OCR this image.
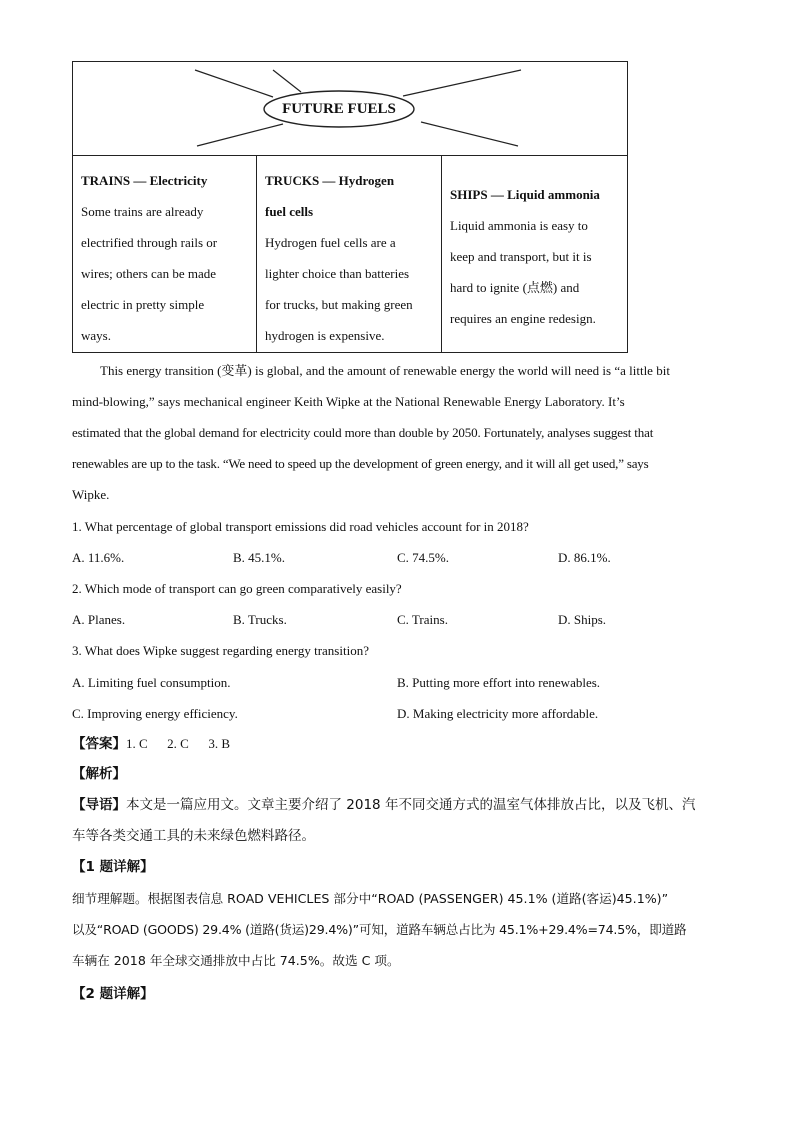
FUTURE FUELS
TRAINS — Electricity
Some trains are already
electrified through rails or
wires; others can be made
electric in pretty simple
ways.
TRUCKS — Hydrogen
fuel cells
Hydrogen fuel cells are a
lighter choice than batteries
for trucks, but making green
hydrogen is expensive.
SHIPS — Liquid ammonia
Liquid ammonia is easy to
keep and transport, but it is
hard to ignite (点燃) and
requires an engine redesign.
This energy transition (变革) is global, and the amount of renewable energy the world will need is “a little bit
mind-blowing,” says mechanical engineer Keith Wipke at the National Renewable Energy Laboratory. It’s
estimated that the global demand for electricity could more than double by 2050. Fortunately, analyses suggest that
renewables are up to the task. “We need to speed up the development of green energy, and it will all get used,” says
Wipke.
1. What percentage of global transport emissions did road vehicles account for in 2018?
A. 11.6%.	B. 45.1%.	C. 74.5%.	D. 86.1%.
2. Which mode of transport can go green comparatively easily?
A. Planes.	B. Trucks.	C. Trains.	D. Ships.
3. What does Wipke suggest regarding energy transition?
A. Limiting fuel consumption.	B. Putting more effort into renewables.
C. Improving energy efficiency.	D. Making electricity more affordable.
【答案】1. C      2. C      3. B
【解析】
【导语】本文是一篇应用文。文章主要介绍了 2018 年不同交通方式的温室气体排放占比，以及飞机、汽
车等各类交通工具的未来绿色燃料路径。
【1 题详解】
细节理解题。根据图表信息 ROAD VEHICLES 部分中“ROAD (PASSENGER) 45.1% (道路(客运)45.1%)”
以及“ROAD (GOODS) 29.4% (道路(货运)29.4%)”可知，道路车辆总占比为 45.1%+29.4%=74.5%，即道路
车辆在 2018 年全球交通排放中占比 74.5%。故选 C 项。
【2 题详解】
